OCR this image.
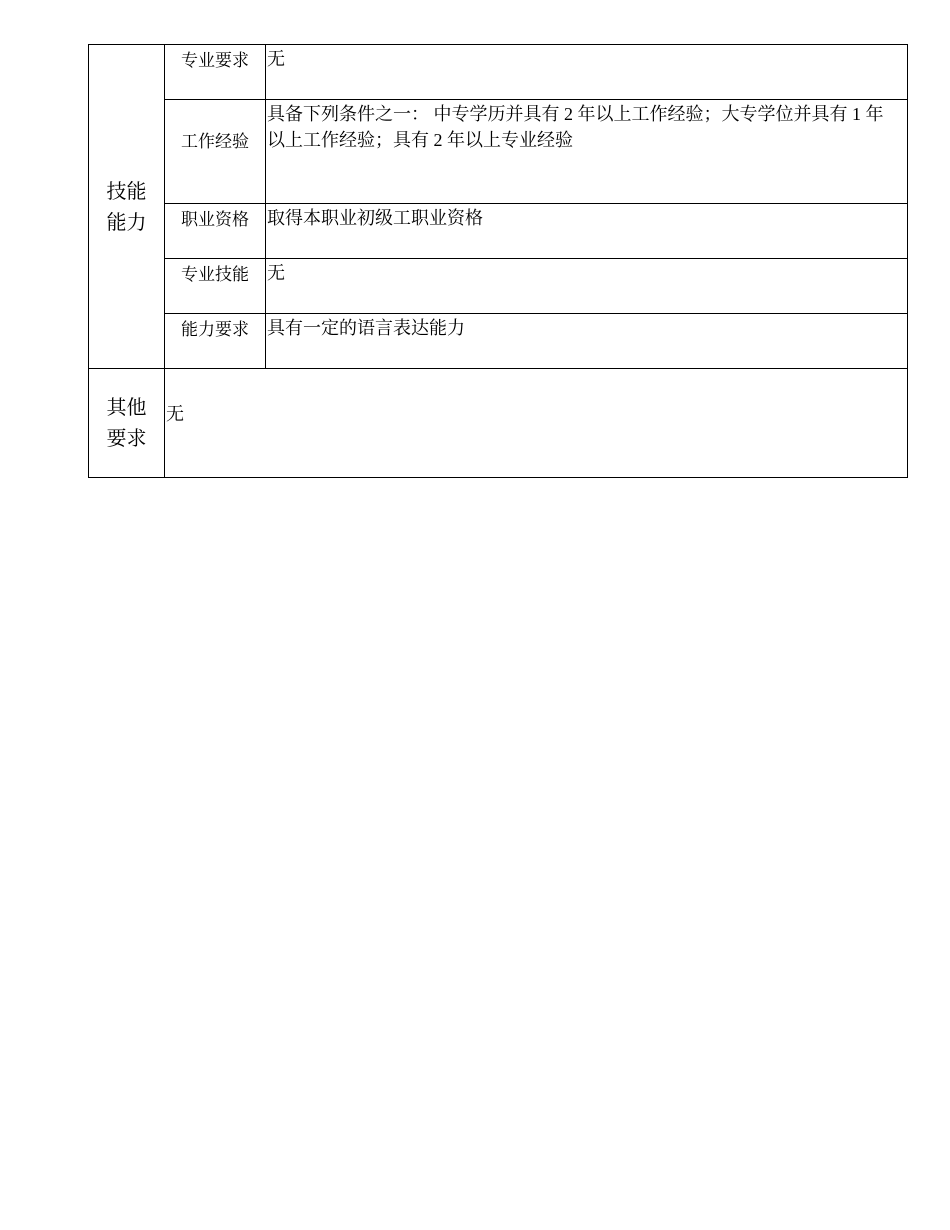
技能能力	专业要求	无
	工作经验	具备下列条件之一： 中专学历并具有 2 年以上工作经验；大专学位并具有 1 年以上工作经验；具有 2 年以上专业经验
	职业资格	取得本职业初级工职业资格
	专业技能	无
	能力要求	具有一定的语言表达能力
其他要求	无	
